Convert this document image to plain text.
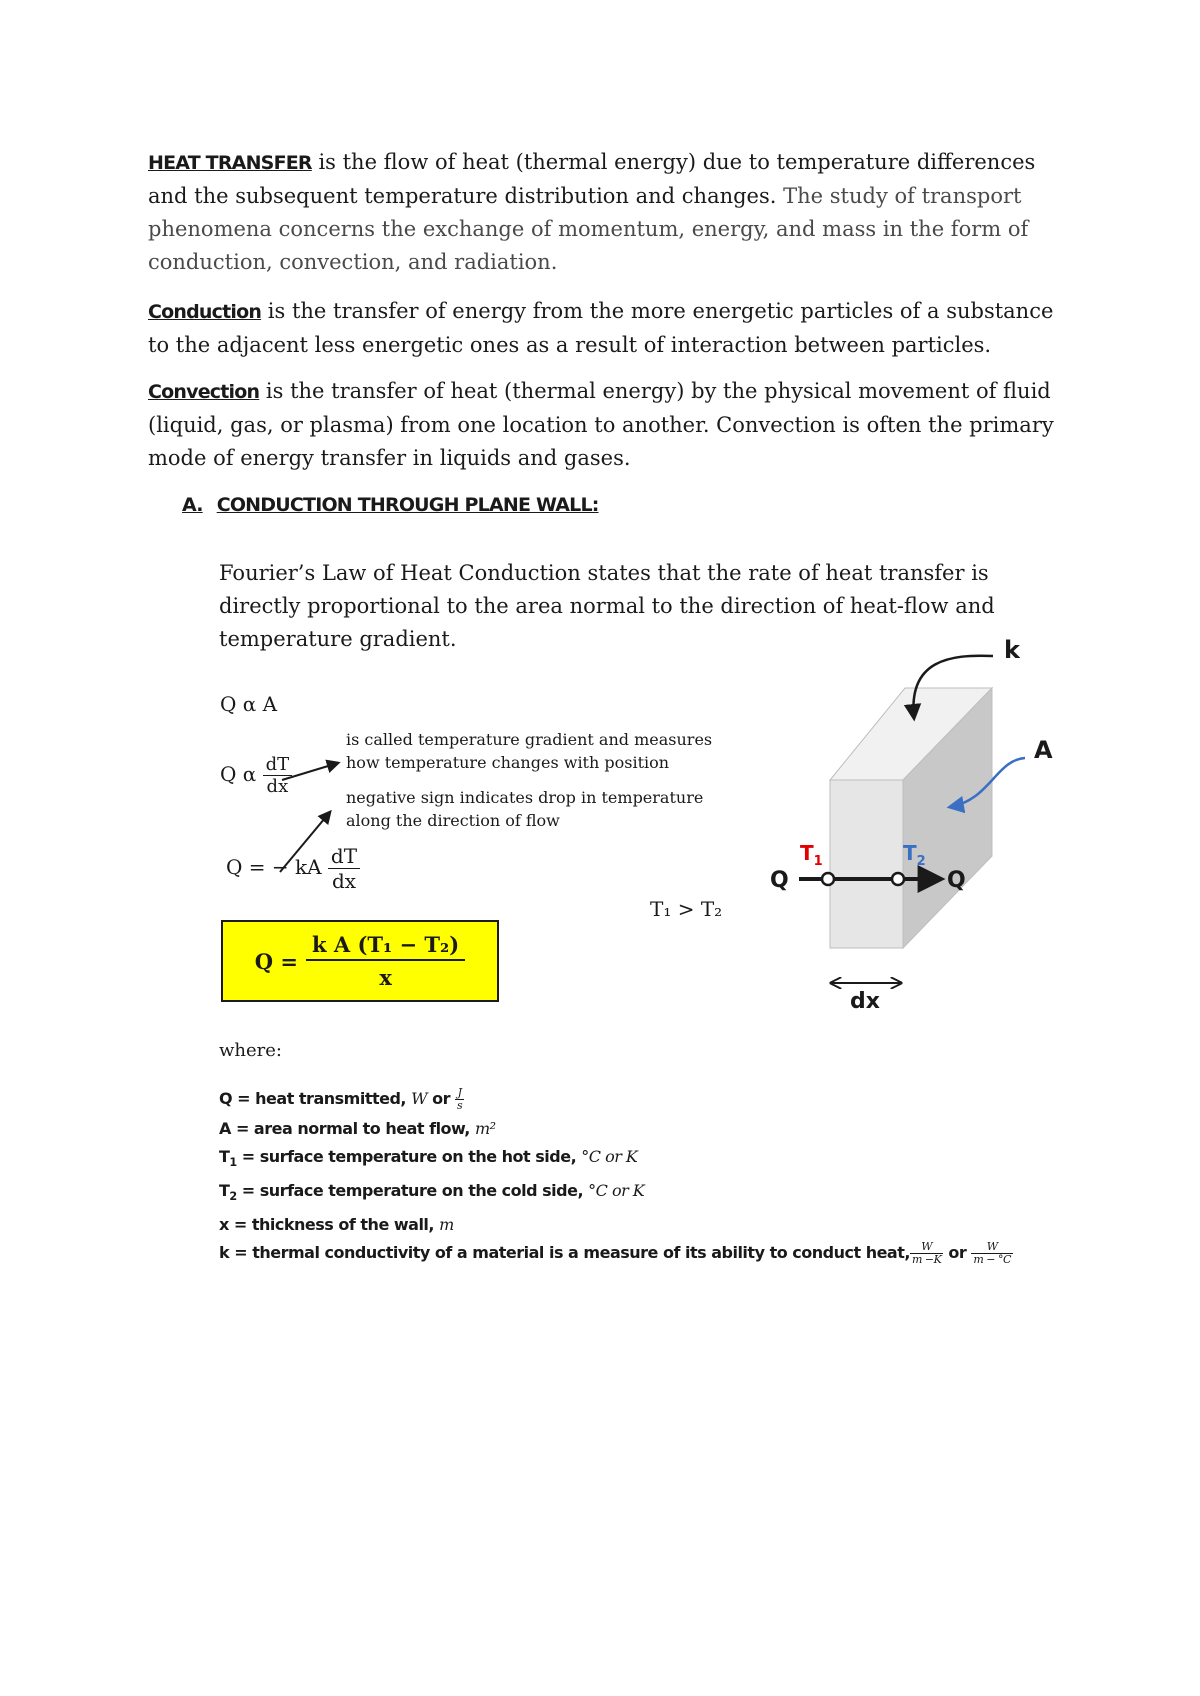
HEAT TRANSFER is the flow of heat (thermal energy) due to temperature differences and the subsequent temperature distribution and changes. The study of transport phenomena concerns the exchange of momentum, energy, and mass in the form of conduction, convection, and radiation.

Conduction is the transfer of energy from the more energetic particles of a substance to the adjacent less energetic ones as a result of interaction between particles.

Convection is the transfer of heat (thermal energy) by the physical movement of fluid (liquid, gas, or plasma) from one location to another. Convection is often the primary mode of energy transfer in liquids and gases.

A. CONDUCTION THROUGH PLANE WALL:

Fourier’s Law of Heat Conduction states that the rate of heat transfer is directly proportional to the area normal to the direction of heat-flow and temperature gradient.

Q α A
Q α $\frac{dT}{dx}$
is called temperature gradient and measures how temperature changes with position
negative sign indicates drop in temperature along the direction of flow
Q = − kA $\frac{dT}{dx}$
$Q = \frac{\text{k A (T₁ − T₂)}}{x}$
T₁ > T₂
k
A
Q	Q
$T_1$	$T_2$
dx
where:
Q = heat transmitted, W or $\frac{J}{s}$
A = area normal to heat flow, m²
$T_1$ = surface temperature on the hot side, °C or K
$T_2$ = surface temperature on the cold side, °C or K
x = thickness of the wall, m
k = thermal conductivity of a material is a measure of its ability to conduct heat, $\frac{W}{m -K}$ or $\frac{W}{m - ^\circ C}$
